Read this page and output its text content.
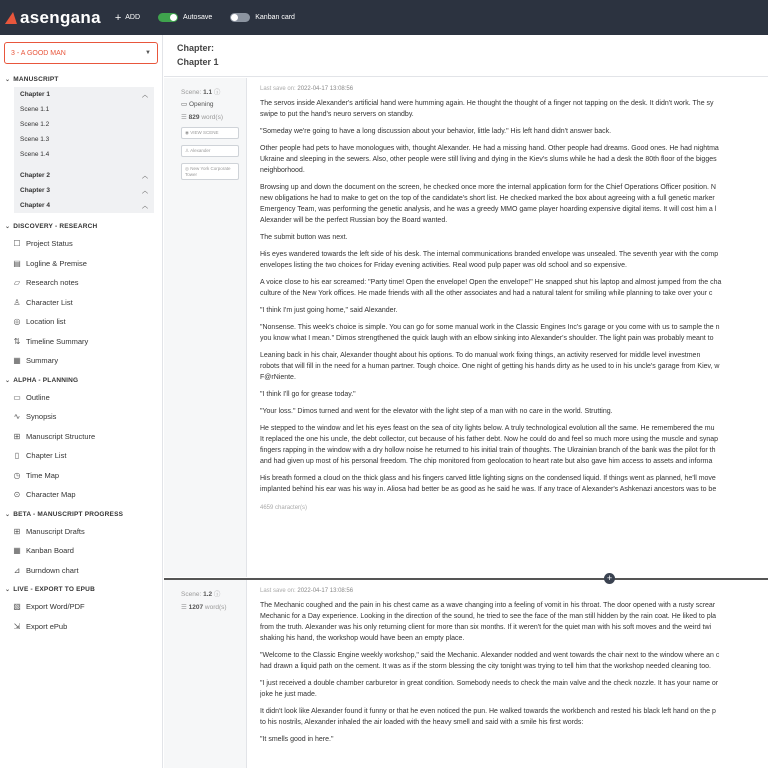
asengana + ADD	Autosave	Kanban card
3 - A GOOD MAN	▼
⌄ MANUSCRIPT
Chapter 1	︿
Scene 1.1
Scene 1.2
Scene 1.3
Scene 1.4
Chapter 2	︿
Chapter 3	︿
Chapter 4	︿
⌄ DISCOVERY - RESEARCH
☐ Project Status
▤ Logline & Premise
▱ Research notes
♙ Character List
◎ Location list
⇅ Timeline Summary
▦ Summary
⌄ ALPHA - PLANNING
▭ Outline
∿ Synopsis
⊞ Manuscript Structure
▯ Chapter List
◷ Time Map
⊙ Character Map
⌄ BETA - MANUSCRIPT PROGRESS
⊞ Manuscript Drafts
▦ Kanban Board
⊿ Burndown chart
⌄ LIVE - EXPORT TO EPUB
▧ Export Word/PDF
⇲ Export ePub
Chapter:
Chapter 1
Scene: 1.1 ⓘ
▭ Opening
☰ 829 word(s)
◉ VIEW SCENE
♙ Alexander
◎ New York Corporate Tower
Last save on: 2022-04-17 13:08:56
The servos inside Alexander's artificial hand were humming again. He thought the thought of a finger not tapping on the desk. It didn't work. The sy
swipe to put the hand's neuro servers on standby.
"Someday we're going to have a long discussion about your behavior, little lady." His left hand didn't answer back.
Other people had pets to have monologues with, thought Alexander. He had a missing hand. Other people had dreams. Good ones. He had nightma
Ukraine and sleeping in the sewers. Also, other people were still living and dying in the Kiev's slums while he had a desk the 80th floor of the bigges
neighborhood.
Browsing up and down the document on the screen, he checked once more the internal application form for the Chief Operations Officer position. N
new obligations he had to make to get on the top of the candidate's short list. He checked marked the box about agreeing with a full genetic marker
Emergency Team, was performing the genetic analysis, and he was a greedy MMO game player hoarding expensive digital items. It will cost him a l
Alexander will be the perfect Russian boy the Board wanted.
The submit button was next.
His eyes wandered towards the left side of his desk. The internal communications branded envelope was unsealed. The seventh year with the comp
envelopes listing the two choices for Friday evening activities. Real wood pulp paper was old school and so expensive.
A voice close to his ear screamed: "Party time! Open the envelope! Open the envelope!" He snapped shut his laptop and almost jumped from the cha
culture of the New York offices. He made friends with all the other associates and had a natural talent for smiling while planning to take over your c
"I think I'm just going home," said Alexander.
"Nonsense. This week's choice is simple. You can go for some manual work in the Classic Engines Inc's garage or you come with us to sample the n
you know what I mean." Dimos strengthened the quick laugh with an elbow sinking into Alexander's shoulder. The light pain was probably meant to
Leaning back in his chair, Alexander thought about his options. To do manual work fixing things, an activity reserved for middle level investmen
robots that will fill in the need for a human partner. Tough choice. One night of getting his hands dirty as he used to in his uncle's garage from Kiev, w
F@rNiente.
"I think I'll go for grease today."
"Your loss." Dimos turned and went for the elevator with the light step of a man with no care in the world. Strutting.
He stepped to the window and let his eyes feast on the sea of city lights below. A truly technological evolution all the same. He remembered the mu
It replaced the one his uncle, the debt collector, cut because of his father debt. Now he could do and feel so much more using the muscle and synap
fingers rapping in the window with a dry hollow noise he returned to his initial train of thoughts. The Ukrainian branch of the bank was the pilot for th
and had given up most of his personal freedom. The chip monitored from geolocation to heart rate but also gave him access to assets and informa
His breath formed a cloud on the thick glass and his fingers carved little lighting signs on the condensed liquid. If things went as planned, he'll move
implanted behind his ear was his way in. Aliosa had better be as good as he said he was. If any trace of Alexander's Ashkenazi ancestors was to be
4659 character(s)
+
Scene: 1.2 ⓘ
☰ 1207 word(s)
Last save on: 2022-04-17 13:08:56
The Mechanic coughed and the pain in his chest came as a wave changing into a feeling of vomit in his throat. The door opened with a rusty screar
Mechanic for a Day experience. Looking in the direction of the sound, he tried to see the face of the man still hidden by the rain coat. He liked to pla
from the truth. Alexander was his only returning client for more than six months. If it weren't for the quiet man with his soft moves and the weird twi
shaking his hand, the workshop would have been an empty place.
"Welcome to the Classic Engine weekly workshop," said the Mechanic. Alexander nodded and went towards the chair next to the window where an c
had drawn a liquid path on the cement. It was as if the storm blessing the city tonight was trying to tell him that the workshop needed cleaning too.
"I just received a double chamber carburetor in great condition. Somebody needs to check the main valve and the check nozzle. It has your name or
joke he just made.
It didn't look like Alexander found it funny or that he even noticed the pun. He walked towards the workbench and rested his black left hand on the p
to his nostrils, Alexander inhaled the air loaded with the heavy smell and said with a smile his first words:
"It smells good in here."
